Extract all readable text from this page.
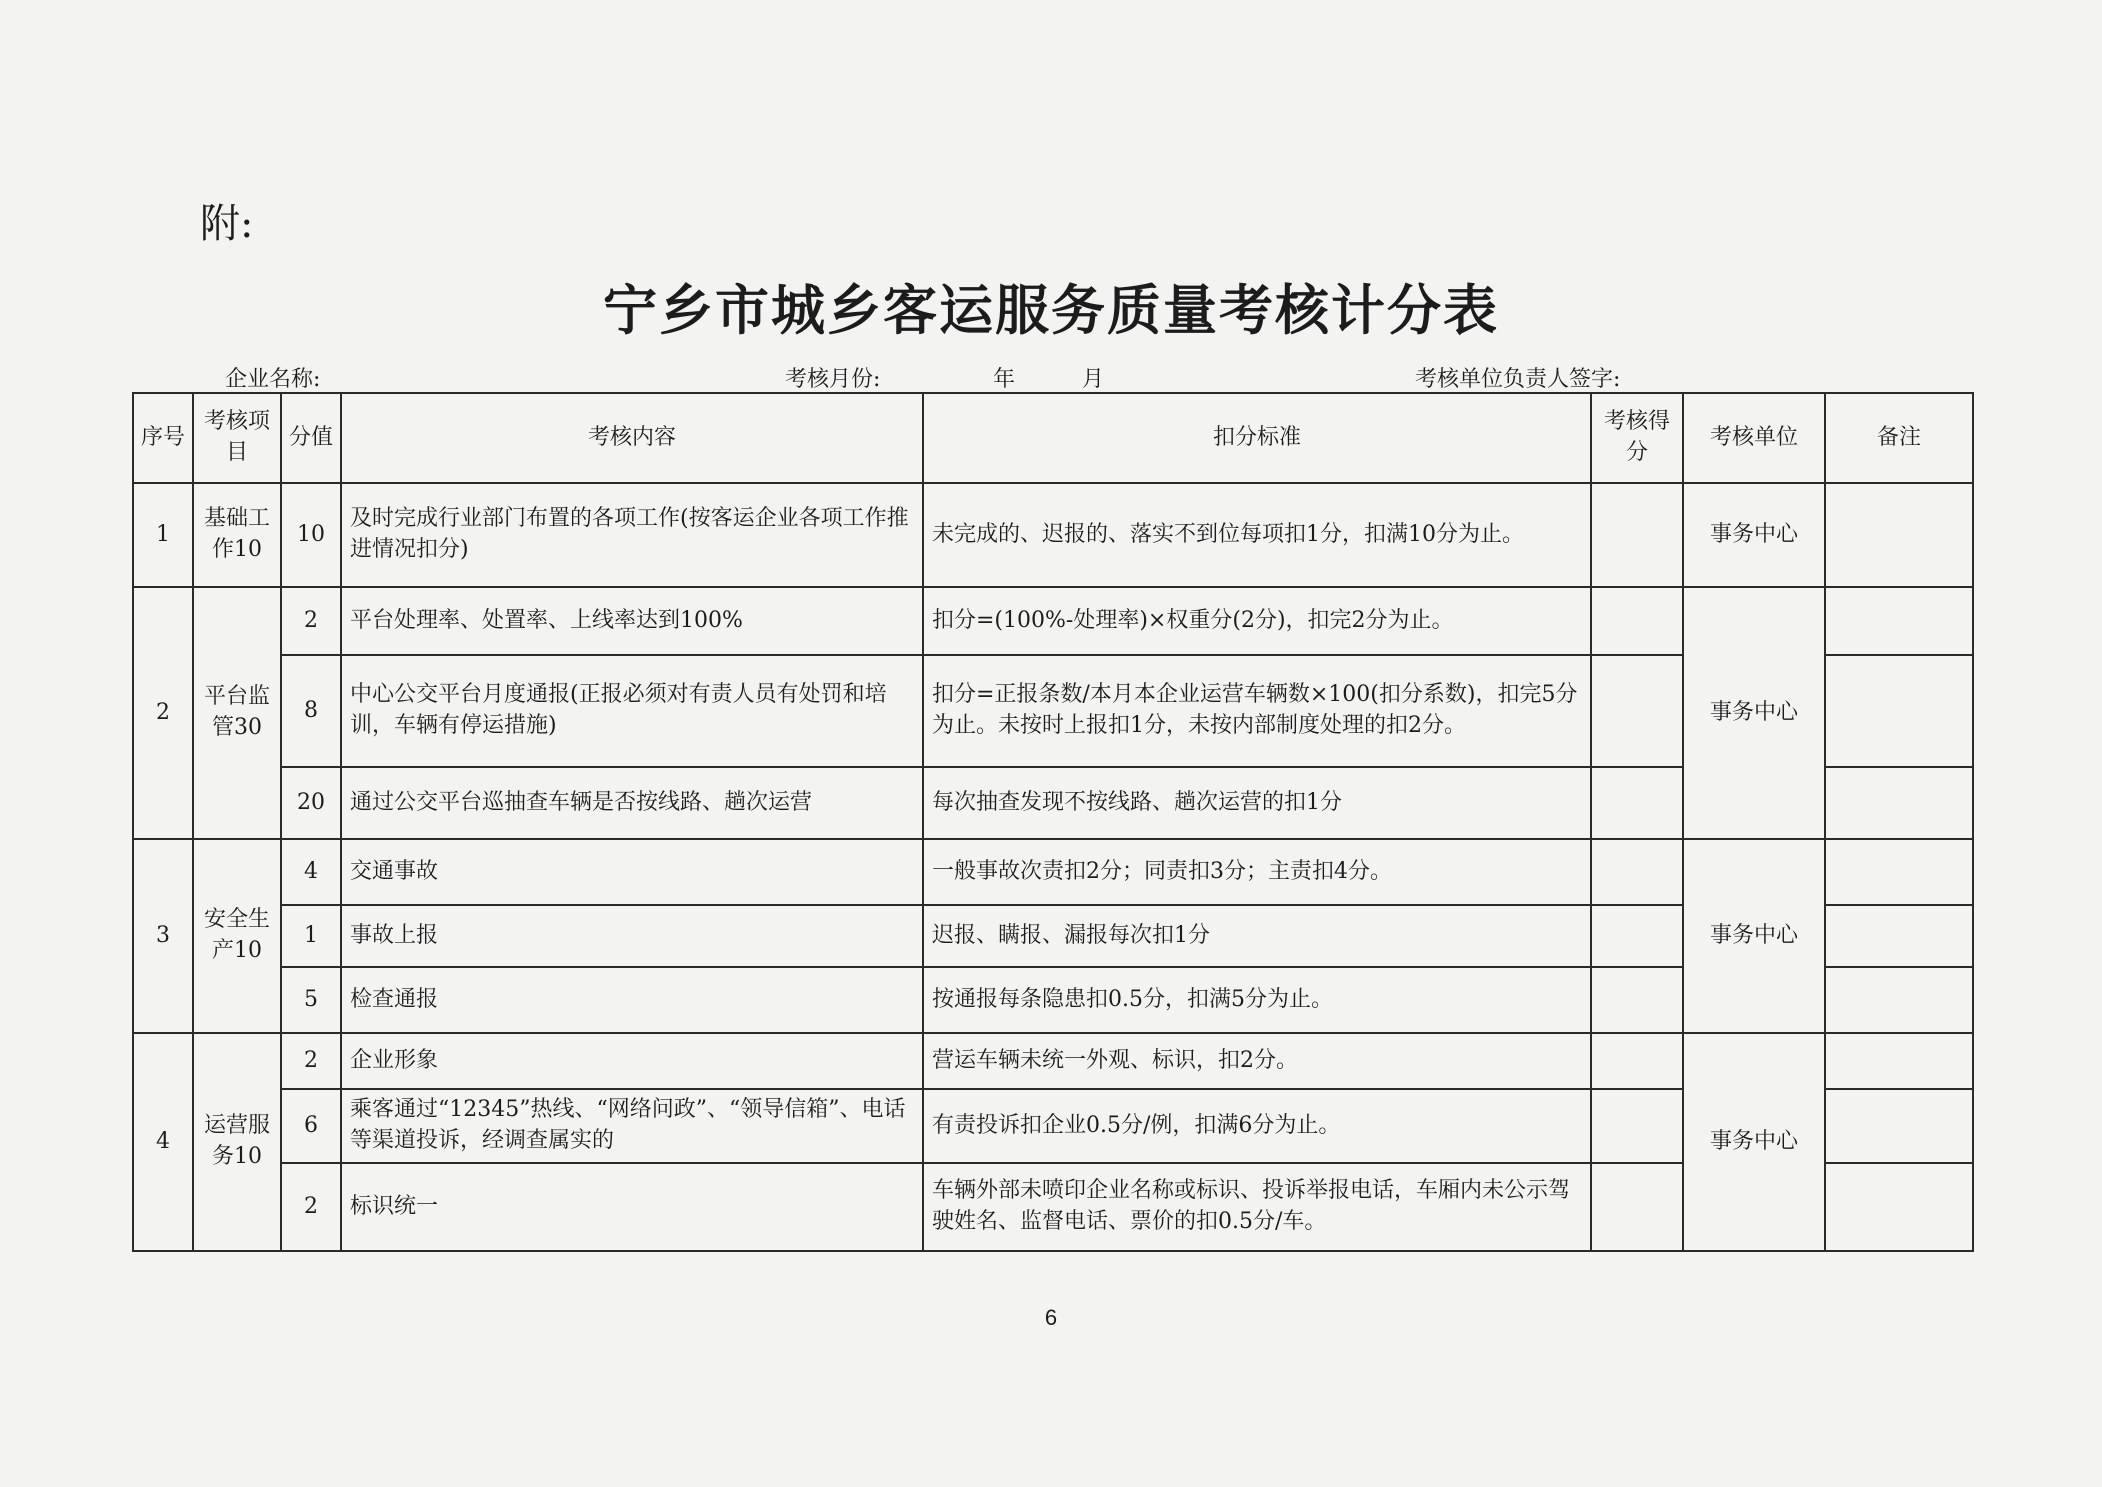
附:
宁乡市城乡客运服务质量考核计分表
企业名称:	考核月份:	年 月	考核单位负责人签字:
序号	考核项目	分值	考核内容	扣分标准	考核得分	考核单位	备注
1	基础工作10	10	及时完成行业部门布置的各项工作(按客运企业各项工作推进情况扣分)	未完成的、迟报的、落实不到位每项扣1分，扣满10分为止。		事务中心	
2	平台监管30	2	平台处理率、处置率、上线率达到100%	扣分=(100%-处理率)×权重分(2分)，扣完2分为止。		事务中心	
		8	中心公交平台月度通报(正报必须对有责人员有处罚和培训，车辆有停运措施)	扣分=正报条数/本月本企业运营车辆数×100(扣分系数)，扣完5分为止。未按时上报扣1分，未按内部制度处理的扣2分。			
		20	通过公交平台巡抽查车辆是否按线路、趟次运营	每次抽查发现不按线路、趟次运营的扣1分			
3	安全生产10	4	交通事故	一般事故次责扣2分；同责扣3分；主责扣4分。		事务中心	
		1	事故上报	迟报、瞒报、漏报每次扣1分			
		5	检查通报	按通报每条隐患扣0.5分，扣满5分为止。			
4	运营服务10	2	企业形象	营运车辆未统一外观、标识，扣2分。		事务中心	
		6	乘客通过“12345”热线、“网络问政”、“领导信箱”、电话等渠道投诉，经调查属实的	有责投诉扣企业0.5分/例，扣满6分为止。			
		2	标识统一	车辆外部未喷印企业名称或标识、投诉举报电话，车厢内未公示驾驶姓名、监督电话、票价的扣0.5分/车。			
6
